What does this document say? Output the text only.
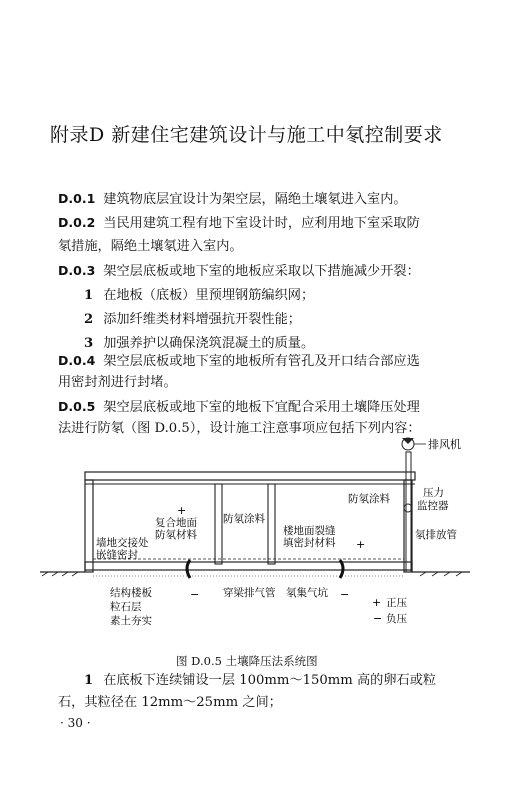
附录D 新建住宅建筑设计与施工中氡控制要求
D.0.1 建筑物底层宜设计为架空层，隔绝土壤氡进入室内。
D.0.2 当民用建筑工程有地下室设计时，应利用地下室采取防
氡措施，隔绝土壤氡进入室内。
D.0.3 架空层底板或地下室的地板应采取以下措施减少开裂：
1 在地板（底板）里预埋钢筋编织网；
2 添加纤维类材料增强抗开裂性能；
3 加强养护以确保浇筑混凝土的质量。
D.0.4 架空层底板或地下室的地板所有管孔及开口结合部应选
用密封剂进行封堵。
D.0.5 架空层底板或地下室的地板下宜配合采用土壤降压处理
法进行防氡（图 D.0.5），设计施工注意事项应包括下列内容：
排风机
压力
监控器
氡排放管
防氡涂料
防氡涂料
复合地面
防氡材料
墙地交接处
嵌缝密封
楼地面裂缝
填密封材料
+
+
结构楼板
粒石层
素土夯实
− 穿梁排气管 氡集气坑 −
+ 正压
− 负压
图 D.0.5 土壤降压法系统图
1 在底板下连续铺设一层 100mm～150mm 高的卵石或粒
石，其粒径在 12mm～25mm 之间；
· 30 ·
